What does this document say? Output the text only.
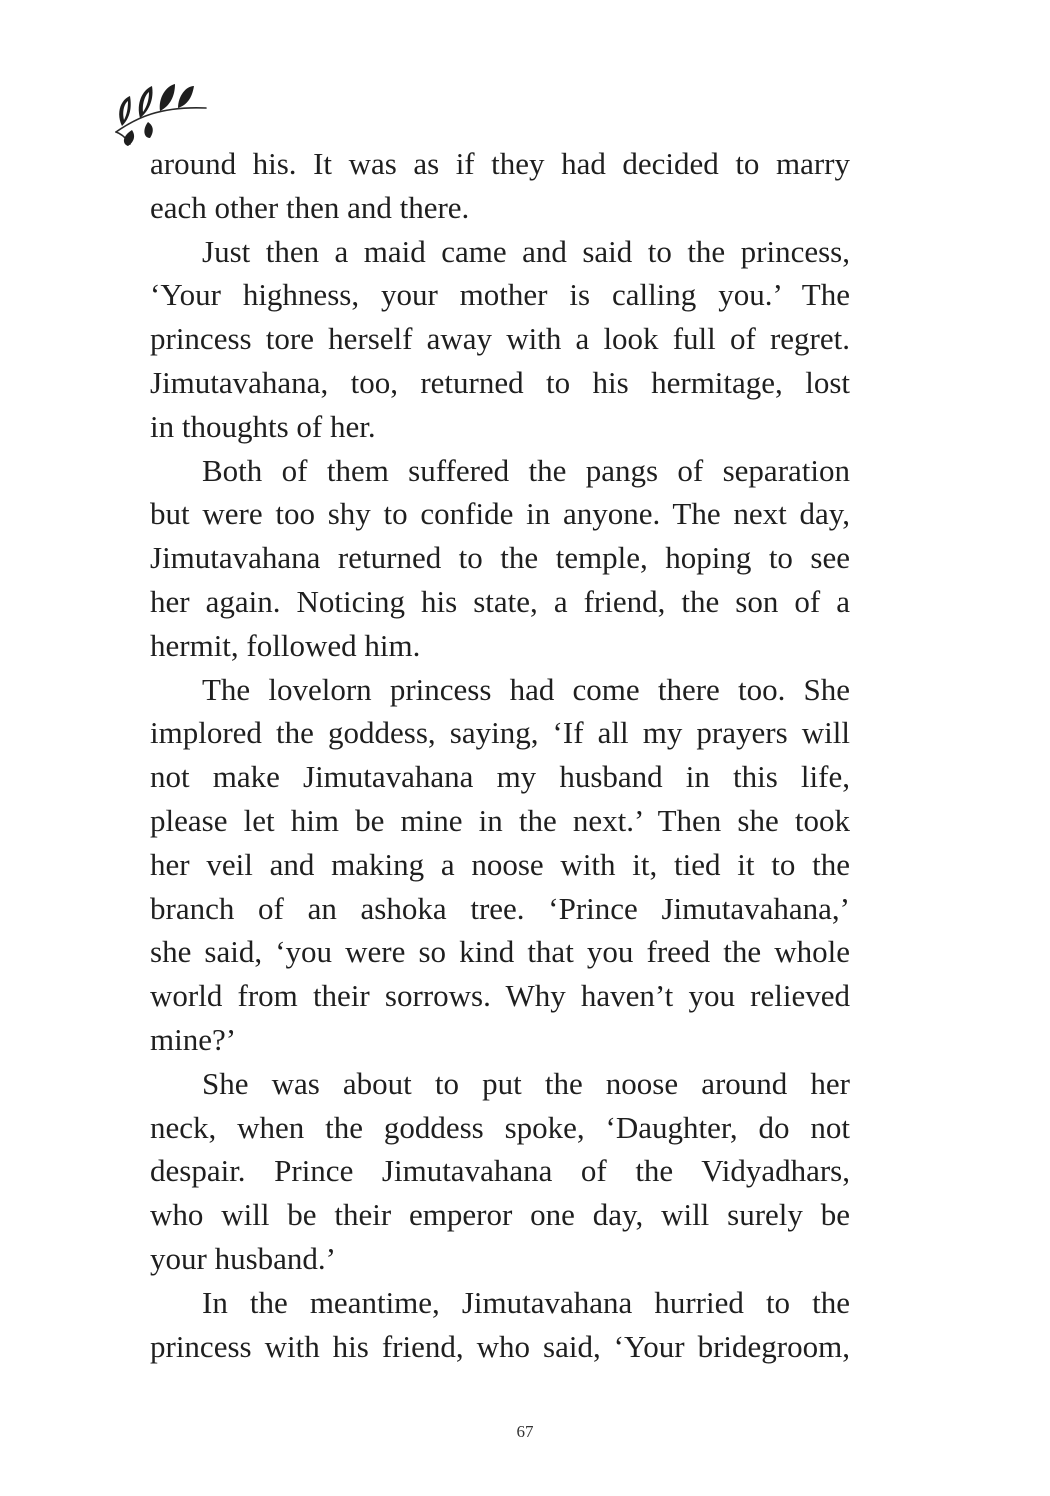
around his. It was as if they had decided to marry
each other then and there.
Just then a maid came and said to the princess,
‘Your highness, your mother is calling you.’ The
princess tore herself away with a look full of regret.
Jimutavahana, too, returned to his hermitage, lost
in thoughts of her.
Both of them suffered the pangs of separation
but were too shy to confide in anyone. The next day,
Jimutavahana returned to the temple, hoping to see
her again. Noticing his state, a friend, the son of a
hermit, followed him.
The lovelorn princess had come there too. She
implored the goddess, saying, ‘If all my prayers will
not make Jimutavahana my husband in this life,
please let him be mine in the next.’ Then she took
her veil and making a noose with it, tied it to the
branch of an ashoka tree. ‘Prince Jimutavahana,’
she said, ‘you were so kind that you freed the whole
world from their sorrows. Why haven’t you relieved
mine?’
She was about to put the noose around her
neck, when the goddess spoke, ‘Daughter, do not
despair. Prince Jimutavahana of the Vidyadhars,
who will be their emperor one day, will surely be
your husband.’
In the meantime, Jimutavahana hurried to the
princess with his friend, who said, ‘Your bridegroom,
67
